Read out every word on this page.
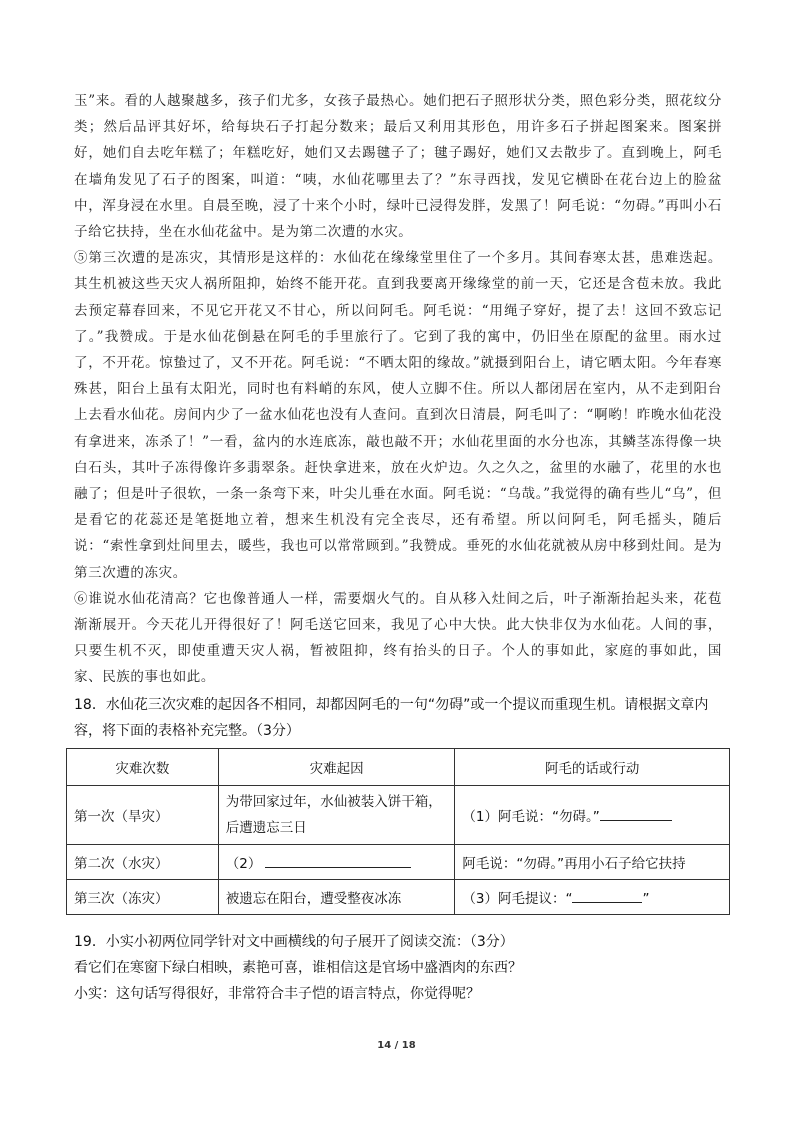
玉”来。看的人越聚越多，孩子们尤多，女孩子最热心。她们把石子照形状分类，照色彩分类，照花纹分类；然后品评其好坏，给每块石子打起分数来；最后又利用其形色，用许多石子拼起图案来。图案拼好，她们自去吃年糕了；年糕吃好，她们又去踢毽子了；毽子踢好，她们又去散步了。直到晚上，阿毛在墙角发见了石子的图案，叫道：“咦，水仙花哪里去了？”东寻西找，发见它横卧在花台边上的脸盆中，浑身浸在水里。自晨至晚，浸了十来个小时，绿叶已浸得发胖，发黑了！阿毛说：“勿碍。”再叫小石子给它扶持，坐在水仙花盆中。是为第二次遭的水灾。

⑤第三次遭的是冻灾，其情形是这样的：水仙花在缘缘堂里住了一个多月。其间春寒太甚，患难迭起。其生机被这些天灾人祸所阻抑，始终不能开花。直到我要离开缘缘堂的前一天，它还是含苞未放。我此去预定幕春回来，不见它开花又不甘心，所以问阿毛。阿毛说：“用绳子穿好，提了去！这回不致忘记了。”我赞成。于是水仙花倒悬在阿毛的手里旅行了。它到了我的寓中，仍旧坐在原配的盆里。雨水过了，不开花。惊蛰过了，又不开花。阿毛说：“不晒太阳的缘故。”就摄到阳台上，请它晒太阳。今年春寒殊甚，阳台上虽有太阳光，同时也有料峭的东风，使人立脚不住。所以人都闭居在室内，从不走到阳台上去看水仙花。房间内少了一盆水仙花也没有人查问。直到次日清晨，阿毛叫了：“啊哟！昨晚水仙花没有拿进来，冻杀了！”一看，盆内的水连底冻，敲也敲不开；水仙花里面的水分也冻，其鳞茎冻得像一块白石头，其叶子冻得像许多翡翠条。赶快拿进来，放在火炉边。久之久之，盆里的水融了，花里的水也融了；但是叶子很软，一条一条弯下来，叶尖儿垂在水面。阿毛说：“乌哉。”我觉得的确有些儿“乌”，但是看它的花蕊还是笔挺地立着，想来生机没有完全丧尽，还有希望。所以问阿毛，阿毛摇头，随后说：“索性拿到灶间里去，暖些，我也可以常常顾到。”我赞成。垂死的水仙花就被从房中移到灶间。是为第三次遭的冻灾。

⑥谁说水仙花清高？它也像普通人一样，需要烟火气的。自从移入灶间之后，叶子渐渐抬起头来，花苞渐渐展开。今天花儿开得很好了！阿毛送它回来，我见了心中大快。此大快非仅为水仙花。人间的事，只要生机不灭，即使重遭天灾人祸，暂被阻抑，终有抬头的日子。个人的事如此，家庭的事如此，国家、民族的事也如此。

18．水仙花三次灾难的起因各不相同，却都因阿毛的一句“勿碍”或一个提议而重现生机。请根据文章内容，将下面的表格补充完整。（3分）
灾难次数	灾难起因	阿毛的话或行动
第一次（旱灾）	为带回家过年，水仙被装入饼干箱，后遭遗忘三日	（1）阿毛说：“勿碍。”
第二次（水灾）	（2）	阿毛说：“勿碍。”再用小石子给它扶持
第三次（冻灾）	被遗忘在阳台，遭受整夜冰冻	（3）阿毛提议：“ ”
19．小实小初两位同学针对文中画横线的句子展开了阅读交流：（3分）
看它们在寒窗下绿白相映，素艳可喜，谁相信这是官场中盛酒肉的东西？
小实：这句话写得很好，非常符合丰子恺的语言特点，你觉得呢？
14 / 18
